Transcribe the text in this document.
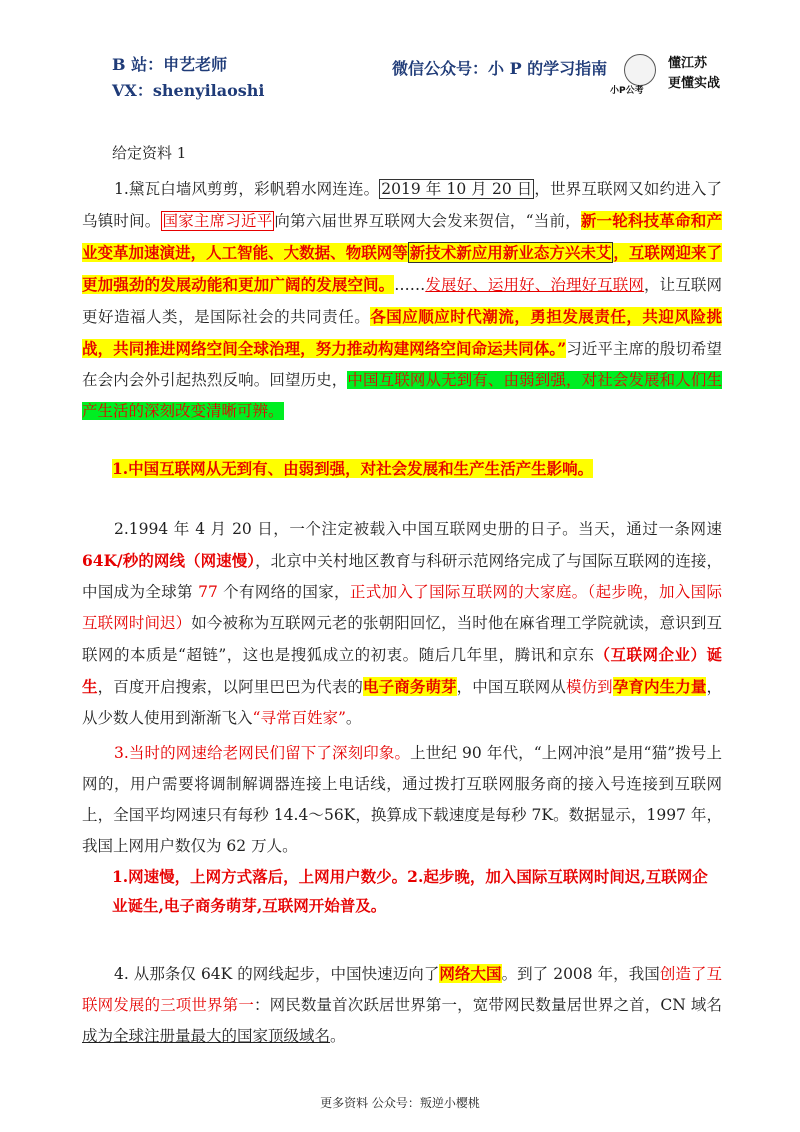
B 站：申艺老师
VX：shenyilaoshi
微信公众号：小 P 的学习指南
小P公考
懂江苏
更懂实战
给定资料 1
1.黛瓦白墙风剪剪，彩帆碧水网连连。 2019 年 10 月 20 日 ，世界互联网又如约进入了乌镇时间。 国家主席习近平 向第六届世界互联网大会发来贺信，“当前，新一轮科技革命和产业变革加速演进，人工智能、大数据、物联网等 新技术新应用新业态方兴未艾 ，互联网迎来了更加强劲的发展动能和更加广阔的发展空间。……发展好、运用好、治理好互联网，让互联网更好造福人类，是国际社会的共同责任。各国应顺应时代潮流，勇担发展责任，共迎风险挑战，共同推进网络空间全球治理，努力推动构建网络空间命运共同体。”习近平主席的殷切希望在会内会外引起热烈反响。回望历史，中国互联网从无到有、由弱到强，对社会发展和人们生产生活的深刻改变清晰可辨。
1.中国互联网从无到有、由弱到强，对社会发展和生产生活产生影响。
2.1994 年 4 月 20 日，一个注定被载入中国互联网史册的日子。当天，通过一条网速 64K/秒的网线（网速慢），北京中关村地区教育与科研示范网络完成了与国际互联网的连接，中国成为全球第 77 个有网络的国家，正式加入了国际互联网的大家庭。（起步晚，加入国际互联网时间迟）如今被称为互联网元老的张朝阳回忆，当时他在麻省理工学院就读，意识到互联网的本质是“超链”，这也是搜狐成立的初衷。随后几年里，腾讯和京东（互联网企业）诞生，百度开启搜索，以阿里巴巴为代表的电子商务萌芽，中国互联网从模仿到孕育内生力量，从少数人使用到渐渐飞入“寻常百姓家”。
3.当时的网速给老网民们留下了深刻印象。上世纪 90 年代，“上网冲浪”是用“猫”拨号上网的，用户需要将调制解调器连接上电话线，通过拨打互联网服务商的接入号连接到互联网上，全国平均网速只有每秒 14.4～56K，换算成下载速度是每秒 7K。数据显示，1997 年，我国上网用户数仅为 62 万人。
1.网速慢，上网方式落后，上网用户数少。2.起步晚，加入国际互联网时间迟,互联网企业诞生,电子商务萌芽,互联网开始普及。
4. 从那条仅 64K 的网线起步，中国快速迈向了网络大国。到了 2008 年，我国创造了互联网发展的三项世界第一：网民数量首次跃居世界第一，宽带网民数量居世界之首，CN 域名成为全球注册量最大的国家顶级域名。
更多资料 公众号：叛逆小樱桃
